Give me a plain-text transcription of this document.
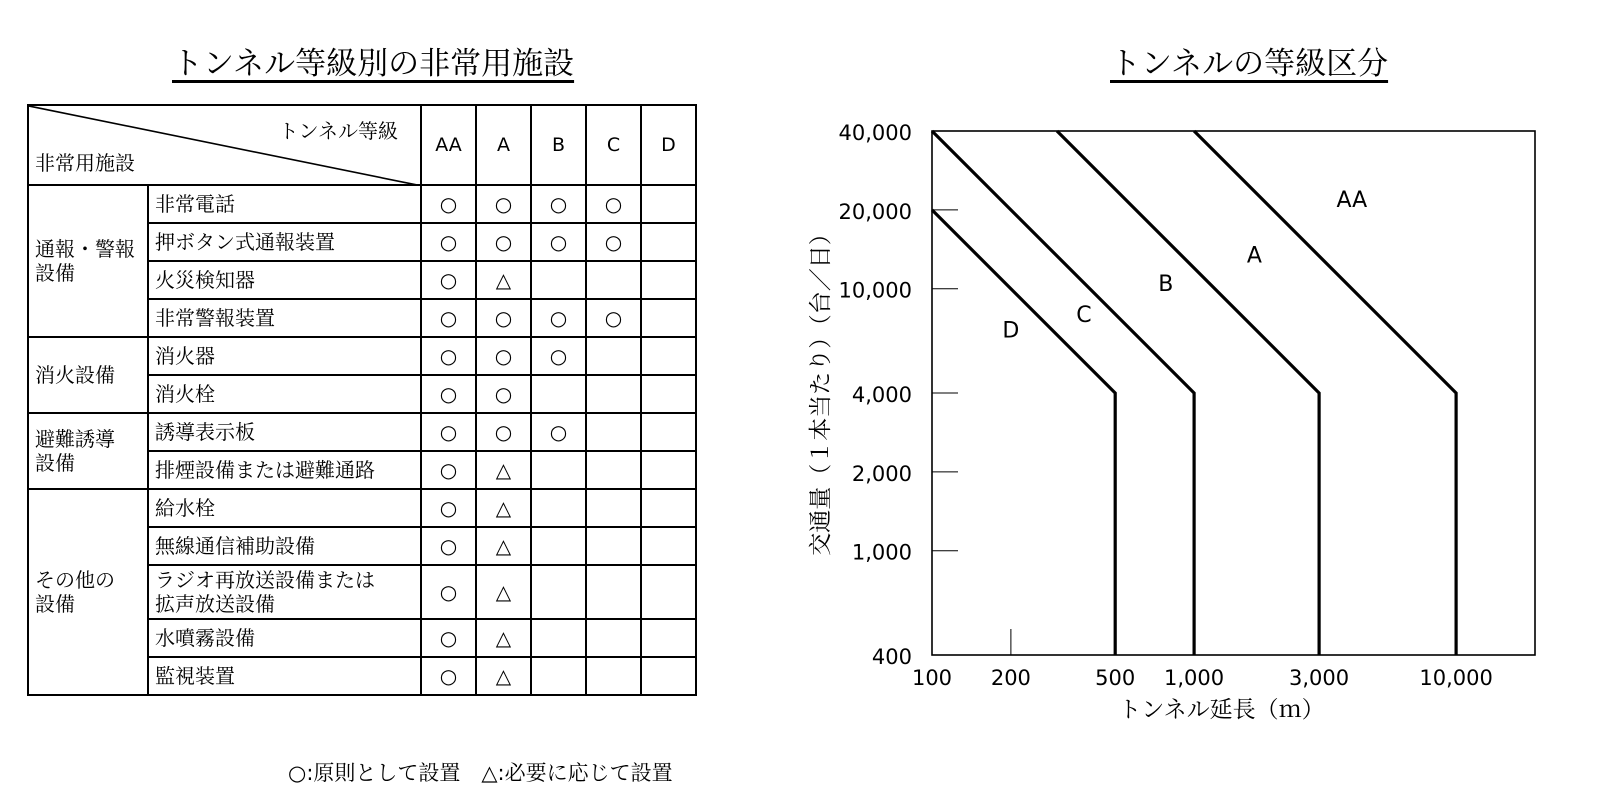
トンネル等級別の非常用施設	トンネルの等級区分
トンネル等級
非常用施設		AA	A	B	C	D
通報・警報
設備	非常電話	○	○	○	○	
	押ボタン式通報装置	○	○	○	○	
	火災検知器	○	△			
	非常警報装置	○	○	○	○	
消火設備	消火器	○	○	○		
	消火栓	○	○			
避難誘導
設備	誘導表示板	○	○	○		
	排煙設備または避難通路	○	△			
その他の
設備	給水栓	○	△			
	無線通信補助設備	○	△			
	ラジオ再放送設備または
拡声放送設備	○	△			
	水噴霧設備	○	△			
	監視装置	○	△			
○:原則として設置　△:必要に応じて設置
400
1,000
2,000
4,000
10,000
20,000
40,000
100 200	500 1,000	3,000	10,000
D
C
B
A
AA
トンネル延長（ｍ）
交通量（１本当たり）（台／日）
